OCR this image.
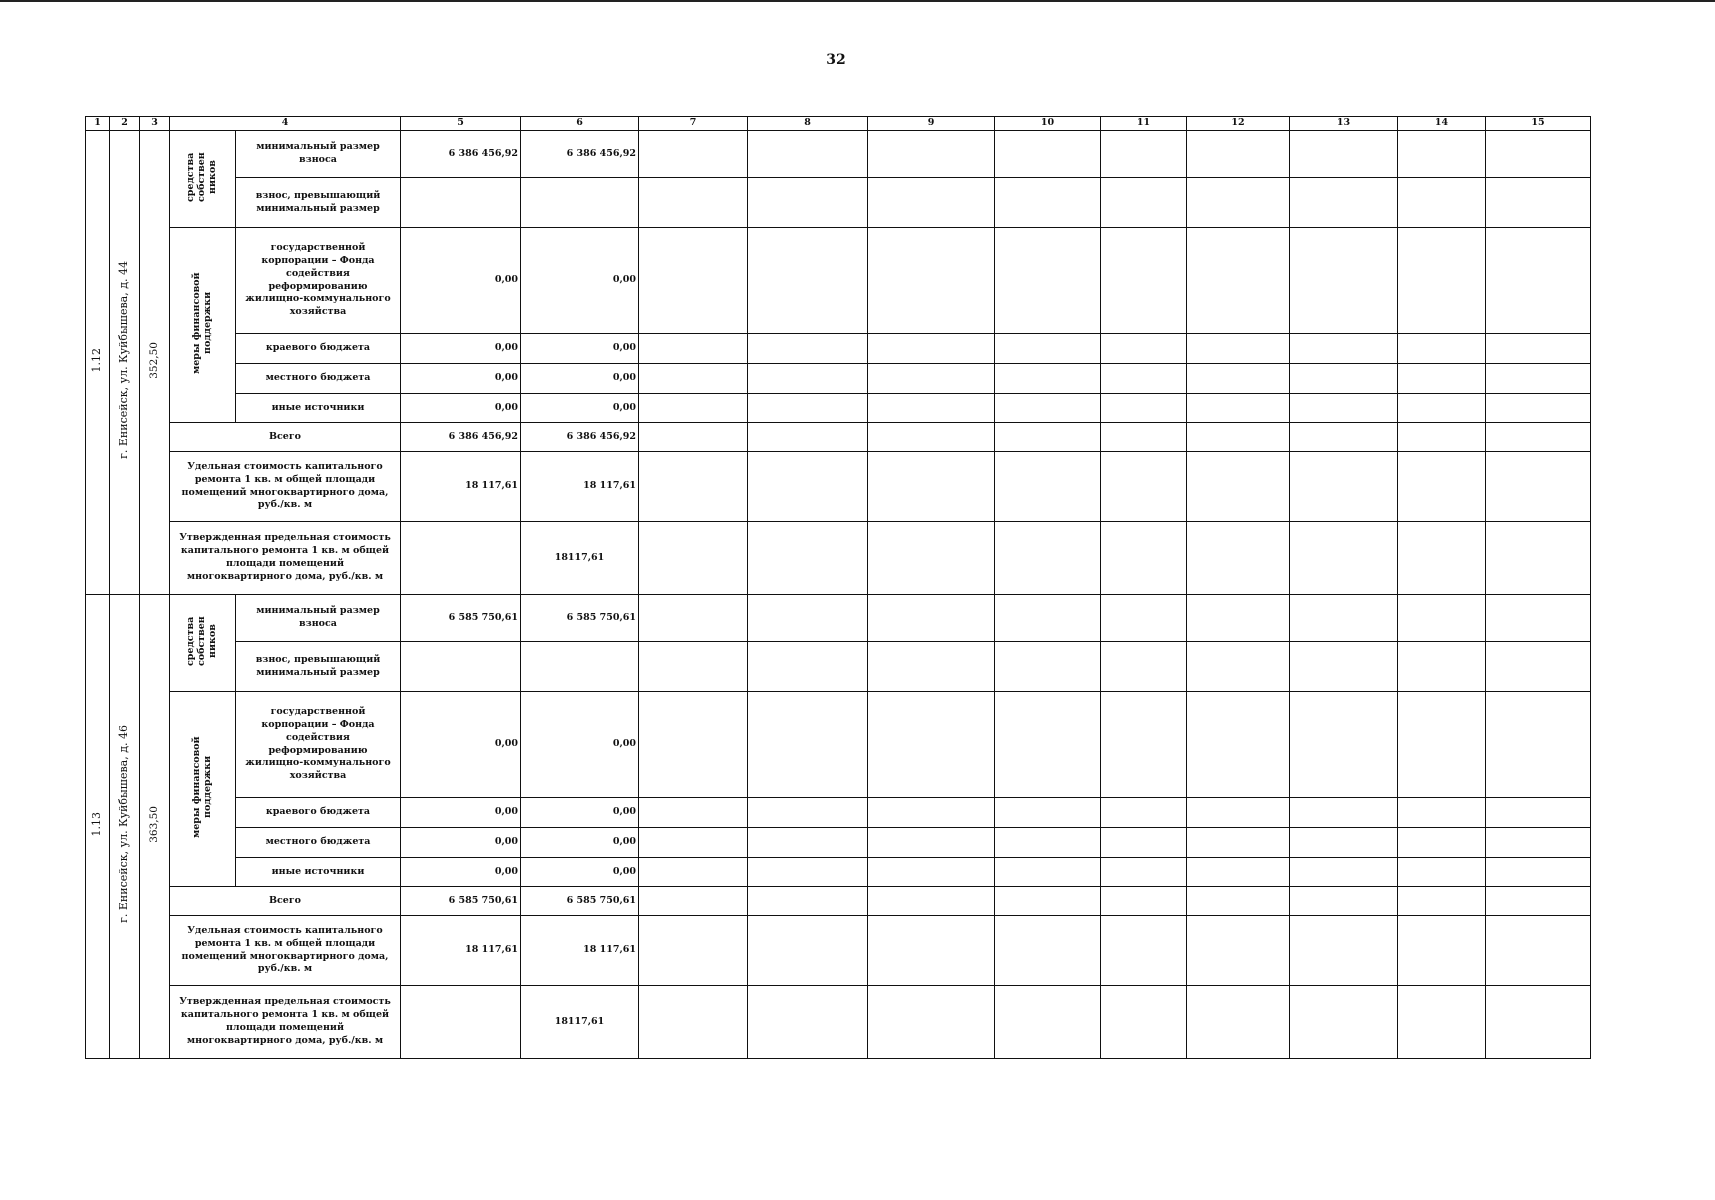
32
1	2	3	4		5	6	7	8	9	10	11	12	13	14	15
1.12	г. Енисейск, ул. Куйбышева, д. 44	352,50	средства собствен ников	минимальный размер взноса	6 386 456,92	6 386 456,92									
				взнос, превышающий минимальный размер											
			меры финансовой поддержки	государственной корпорации – Фонда содействия реформированию жилищно-коммунального хозяйства	0,00	0,00									
				краевого бюджета	0,00	0,00									
				местного бюджета	0,00	0,00									
				иные источники	0,00	0,00									
			Всего		6 386 456,92	6 386 456,92									
			Удельная стоимость капитального ремонта 1 кв. м общей площади помещений многоквартирного дома, руб./кв. м		18 117,61	18 117,61									
			Утвержденная предельная стоимость капитального ремонта 1 кв. м общей площади помещений многоквартирного дома, руб./кв. м			18117,61									
1.13	г. Енисейск, ул. Куйбышева, д. 46	363,50	средства собствен ников	минимальный размер взноса	6 585 750,61	6 585 750,61									
				взнос, превышающий минимальный размер											
			меры финансовой поддержки	государственной корпорации – Фонда содействия реформированию жилищно-коммунального хозяйства	0,00	0,00									
				краевого бюджета	0,00	0,00									
				местного бюджета	0,00	0,00									
				иные источники	0,00	0,00									
			Всего		6 585 750,61	6 585 750,61									
			Удельная стоимость капитального ремонта 1 кв. м общей площади помещений многоквартирного дома, руб./кв. м		18 117,61	18 117,61									
			Утвержденная предельная стоимость капитального ремонта 1 кв. м общей площади помещений многоквартирного дома, руб./кв. м			18117,61									
